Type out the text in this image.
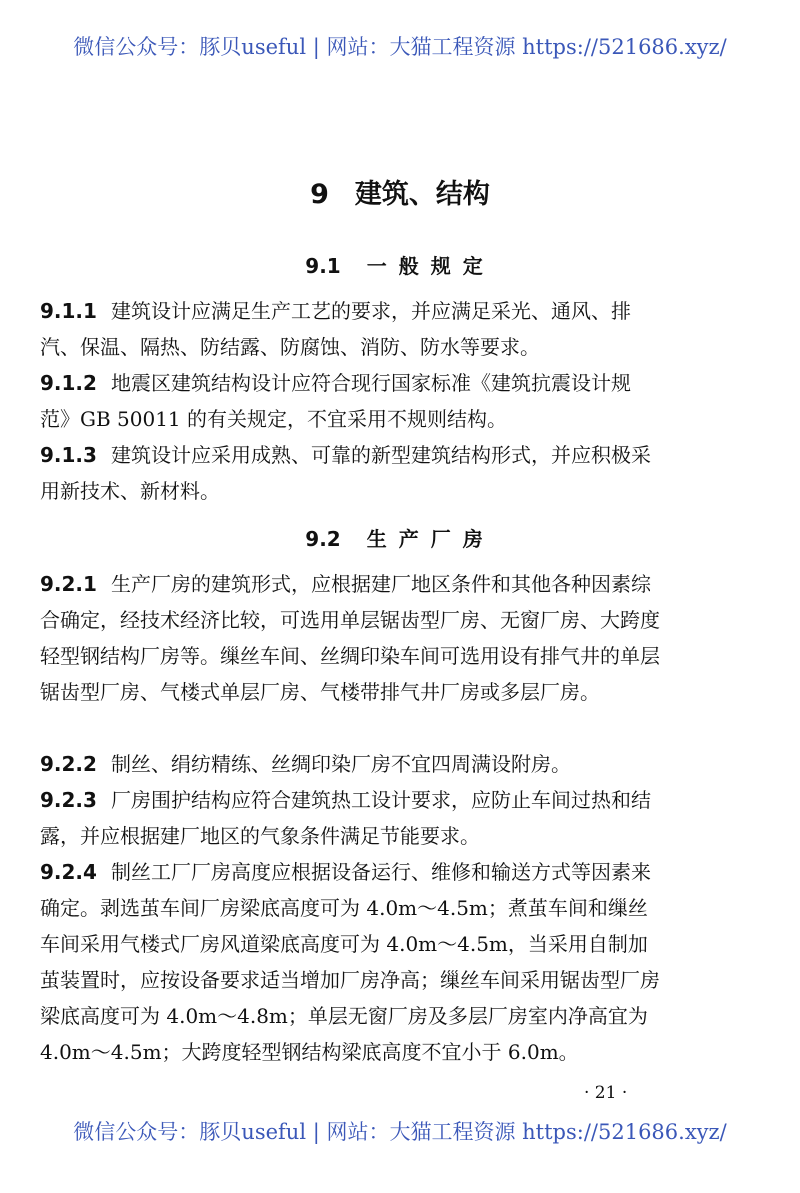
微信公众号：豚贝useful | 网站：大猫工程资源 https://521686.xyz/
9 建筑、结构
9.1 一般规定
9.1.1 建筑设计应满足生产工艺的要求，并应满足采光、通风、排汽、保温、隔热、防结露、防腐蚀、消防、防水等要求。
9.1.2 地震区建筑结构设计应符合现行国家标准《建筑抗震设计规范》GB 50011 的有关规定，不宜采用不规则结构。
9.1.3 建筑设计应采用成熟、可靠的新型建筑结构形式，并应积极采用新技术、新材料。
9.2 生产厂房
9.2.1 生产厂房的建筑形式，应根据建厂地区条件和其他各种因素综合确定，经技术经济比较，可选用单层锯齿型厂房、无窗厂房、大跨度轻型钢结构厂房等。缫丝车间、丝绸印染车间可选用设有排气井的单层锯齿型厂房、气楼式单层厂房、气楼带排气井厂房或多层厂房。
9.2.2 制丝、绢纺精练、丝绸印染厂房不宜四周满设附房。
9.2.3 厂房围护结构应符合建筑热工设计要求，应防止车间过热和结露，并应根据建厂地区的气象条件满足节能要求。
9.2.4 制丝工厂厂房高度应根据设备运行、维修和输送方式等因素来确定。剥选茧车间厂房梁底高度可为 4.0m～4.5m；煮茧车间和缫丝车间采用气楼式厂房风道梁底高度可为 4.0m～4.5m，当采用自制加茧装置时，应按设备要求适当增加厂房净高；缫丝车间采用锯齿型厂房梁底高度可为 4.0m～4.8m；单层无窗厂房及多层厂房室内净高宜为 4.0m～4.5m；大跨度轻型钢结构梁底高度不宜小于 6.0m。
· 21 ·
微信公众号：豚贝useful | 网站：大猫工程资源 https://521686.xyz/
